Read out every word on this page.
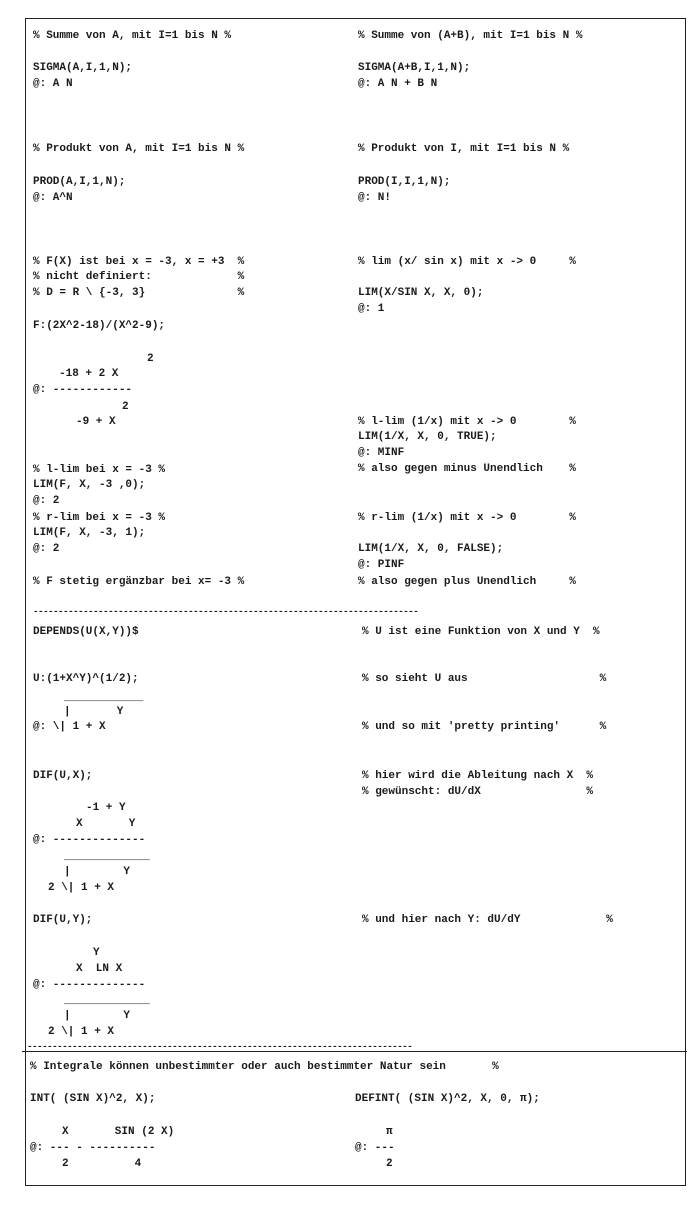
% Summe von A, mit I=1 bis N %
SIGMA(A,I,1,N);
@: A N
% Produkt von A, mit I=1 bis N %
PROD(A,I,1,N);
@: A^N
% F(X) ist bei x = -3, x = +3  %
% nicht definiert:             %
% D = R \ {-3, 3}              %
F:(2X^2-18)/(X^2-9);
2
-18 + 2 X
@: ------------
2
-9 + X
% l-lim bei x = -3 %
LIM(F, X, -3 ,0);
@: 2
% r-lim bei x = -3 %
LIM(F, X, -3, 1);
@: 2
% F stetig ergänzbar bei x= -3 %
% Summe von (A+B), mit I=1 bis N %
SIGMA(A+B,I,1,N);
@: A N + B N
% Produkt von I, mit I=1 bis N %
PROD(I,I,1,N);
@: N!
% lim (x/ sin x) mit x -> 0     %
LIM(X/SIN X, X, 0);
@: 1
% l-lim (1/x) mit x -> 0        %
LIM(1/X, X, 0, TRUE);
@: MINF
% also gegen minus Unendlich    %
% r-lim (1/x) mit x -> 0        %
LIM(1/X, X, 0, FALSE);
@: PINF
% also gegen plus Unendlich     %
-----------------------------------------------------------------------------
DEPENDS(U(X,Y))$	% U ist eine Funktion von X und Y  %
U:(1+X^Y)^(1/2);	% so sieht U aus                    %
____________
|       Y
@: \| 1 + X	% und so mit 'pretty printing'      %
DIF(U,X);	% hier wird die Ableitung nach X  %
% gewünscht: dU/dX                %
-1 + Y
X       Y
@: --------------
_____________
|        Y
2 \| 1 + X
DIF(U,Y);	% und hier nach Y: dU/dY             %
Y
X  LN X
@: --------------
_____________
|        Y
2 \| 1 + X
-----------------------------------------------------------------------------
% Integrale können unbestimmter oder auch bestimmter Natur sein       %
INT( (SIN X)^2, X);	DEFINT( (SIN X)^2, X, 0, π);
X       SIN (2 X)
@: --- - ----------
2          4
π
@: ---
2
